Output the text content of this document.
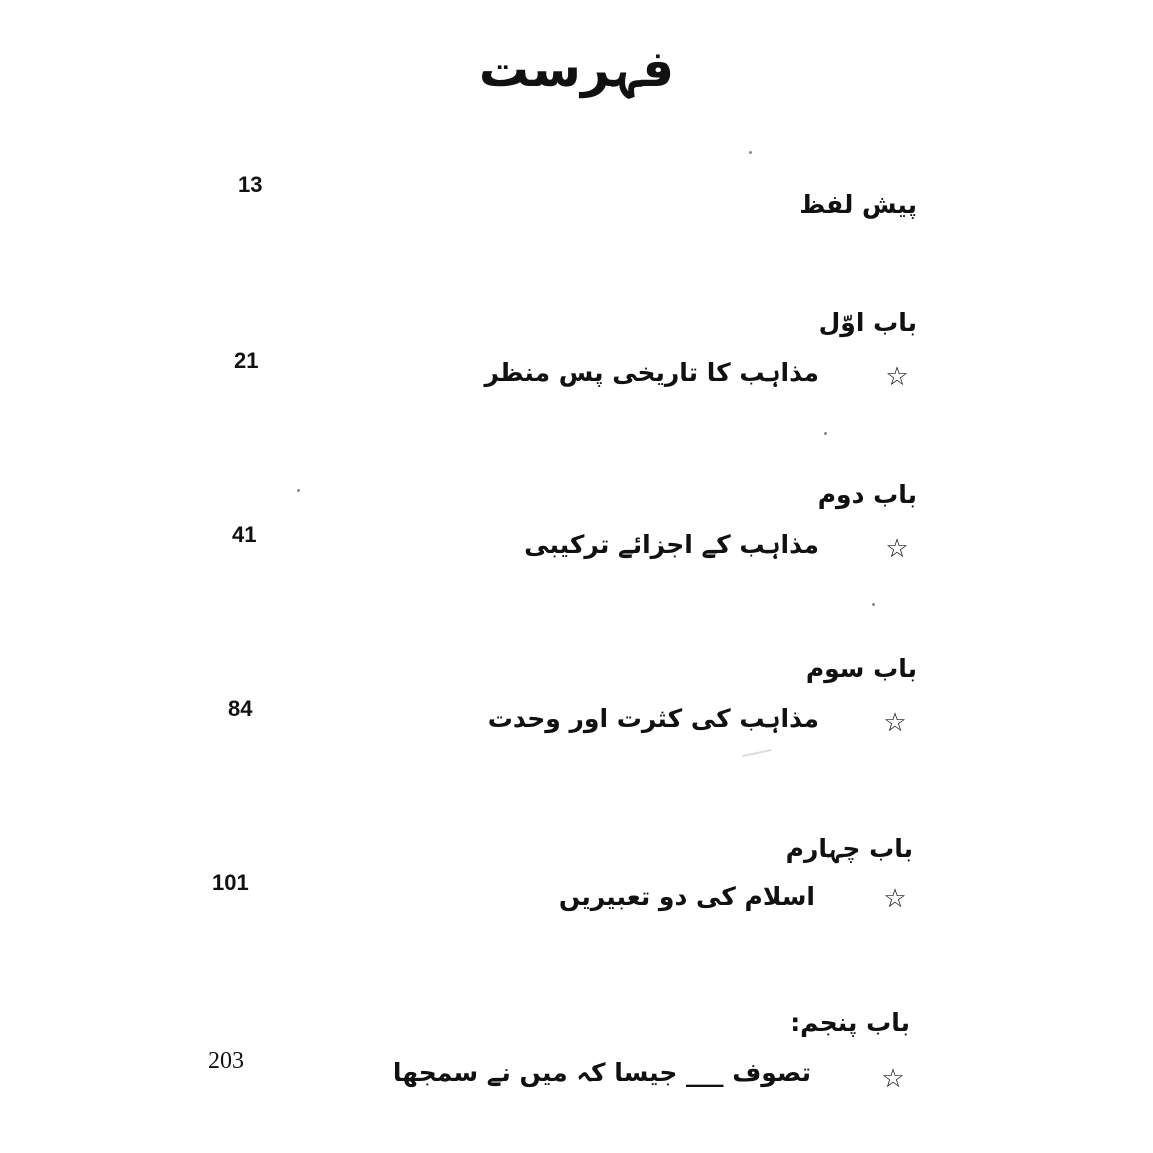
فہرست
13
پیش لفظ
باب اوّل
21
☆
مذاہب کا تاریخی پس منظر
باب دوم
41	☆
مذاہب کے اجزائے ترکیبی
باب سوم
84	☆
مذاہب کی کثرت اور وحدت
باب چہارم
101
☆
اسلام کی دو تعبیریں
باب پنجم:
203
☆
تصوف ___ جیسا کہ میں نے سمجھا
